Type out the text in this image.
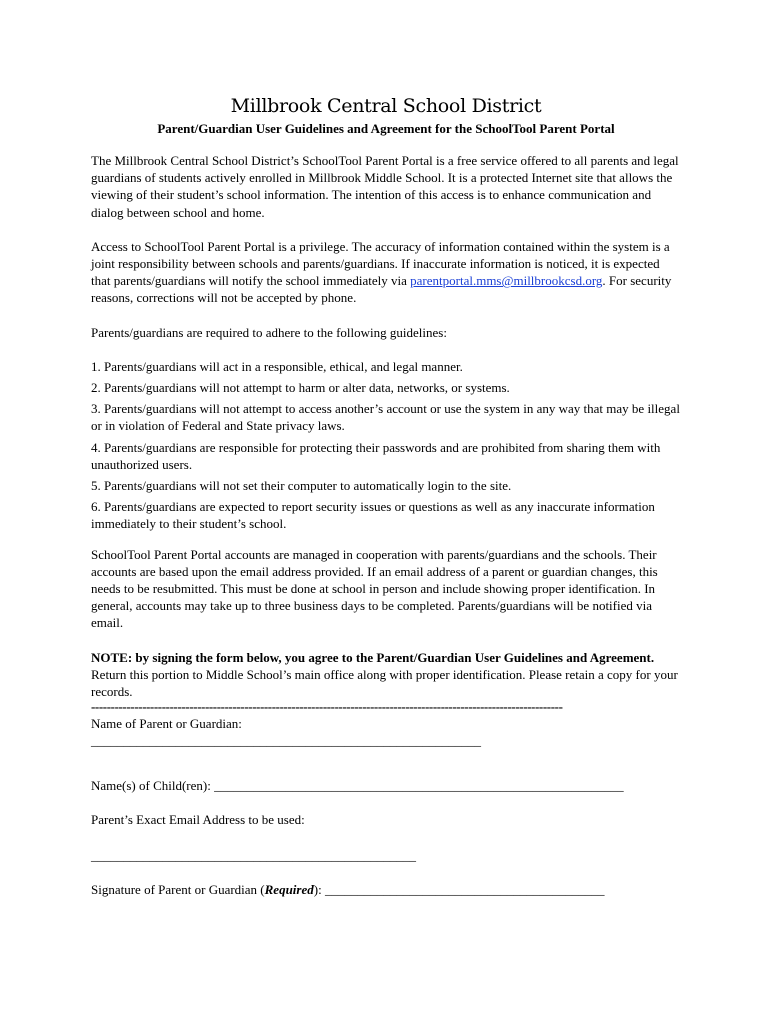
Millbrook Central School District
Parent/Guardian User Guidelines and Agreement for the SchoolTool Parent Portal

The Millbrook Central School District’s SchoolTool Parent Portal is a free service offered to all parents and legal guardians of students actively enrolled in Millbrook Middle School. It is a protected Internet site that allows the viewing of their student’s school information. The intention of this access is to enhance communication and dialog between school and home.

Access to SchoolTool Parent Portal is a privilege. The accuracy of information contained within the system is a joint responsibility between schools and parents/guardians. If inaccurate information is noticed, it is expected that parents/guardians will notify the school immediately via parentportal.mms@millbrookcsd.org. For security reasons, corrections will not be accepted by phone.

Parents/guardians are required to adhere to the following guidelines:

1. Parents/guardians will act in a responsible, ethical, and legal manner.
2. Parents/guardians will not attempt to harm or alter data, networks, or systems.
3. Parents/guardians will not attempt to access another’s account or use the system in any way that may be illegal or in violation of Federal and State privacy laws.
4. Parents/guardians are responsible for protecting their passwords and are prohibited from sharing them with unauthorized users.
5. Parents/guardians will not set their computer to automatically login to the site.
6. Parents/guardians are expected to report security issues or questions as well as any inaccurate information immediately to their student’s school.

SchoolTool Parent Portal accounts are managed in cooperation with parents/guardians and the schools. Their accounts are based upon the email address provided. If an email address of a parent or guardian changes, this needs to be resubmitted. This must be done at school in person and include showing proper identification. In general, accounts may take up to three business days to be completed. Parents/guardians will be notified via email.

NOTE: by signing the form below, you agree to the Parent/Guardian User Guidelines and Agreement. Return this portion to Middle School’s main office along with proper identification. Please retain a copy for your records.

------------------------------------------------------------------------------------------------------------------------
Name of Parent or Guardian:
____________________________________________________________
Name(s) of Child(ren): _______________________________________________________________
Parent’s Exact Email Address to be used:
__________________________________________________
Signature of Parent or Guardian (Required): ___________________________________________
